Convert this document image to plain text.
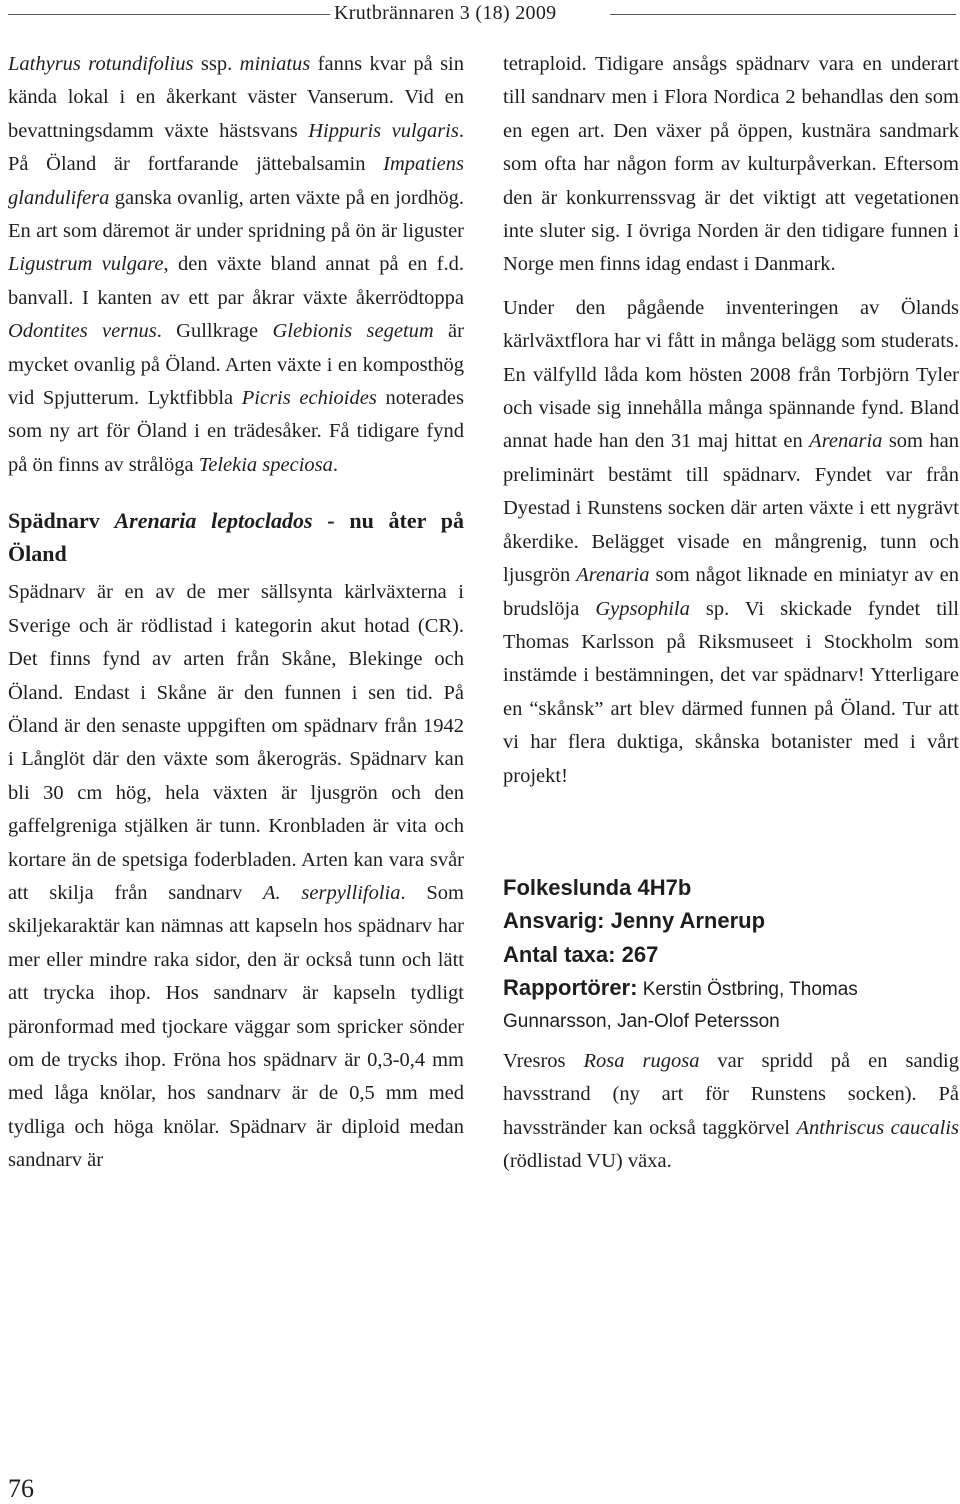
Krutbrännaren 3 (18) 2009

Lathyrus rotundifolius ssp. miniatus fanns kvar på sin kända lokal i en åkerkant väster Vanserum. Vid en bevattningsdamm växte hästsvans Hippuris vulgaris. På Öland är fortfarande jättebalsamin Impatiens glandulifera ganska ovanlig, arten växte på en jordhög. En art som däremot är under spridning på ön är liguster Ligustrum vulgare, den växte bland annat på en f.d. banvall. I kanten av ett par åkrar växte åkerrödtoppa Odontites vernus. Gullkrage Glebionis segetum är mycket ovanlig på Öland. Arten växte i en komposthög vid Spjutterum. Lyktfibbla Picris echioides noterades som ny art för Öland i en trädesåker. Få tidigare fynd på ön finns av strålöga Telekia speciosa.

Spädnarv Arenaria leptoclados - nu åter på Öland

Spädnarv är en av de mer sällsynta kärlväxterna i Sverige och är rödlistad i kategorin akut hotad (CR). Det finns fynd av arten från Skåne, Blekinge och Öland. Endast i Skåne är den funnen i sen tid. På Öland är den senaste uppgiften om spädnarv från 1942 i Långlöt där den växte som åkerogräs. Spädnarv kan bli 30 cm hög, hela växten är ljusgrön och den gaffelgreniga stjälken är tunn. Kronbladen är vita och kortare än de spetsiga foderbladen. Arten kan vara svår att skilja från sandnarv A. serpyllifolia. Som skiljekaraktär kan nämnas att kapseln hos spädnarv har mer eller mindre raka sidor, den är också tunn och lätt att trycka ihop. Hos sandnarv är kapseln tydligt päronformad med tjockare väggar som spricker sönder om de trycks ihop. Fröna hos spädnarv är 0,3-0,4 mm med låga knölar, hos sandnarv är de 0,5 mm med tydliga och höga knölar. Spädnarv är diploid medan sandnarv är

tetraploid. Tidigare ansågs spädnarv vara en underart till sandnarv men i Flora Nordica 2 behandlas den som en egen art. Den växer på öppen, kustnära sandmark som ofta har någon form av kulturpåverkan. Eftersom den är konkurrenssvag är det viktigt att vegetationen inte sluter sig. I övriga Norden är den tidigare funnen i Norge men finns idag endast i Danmark.

Under den pågående inventeringen av Ölands kärlväxtflora har vi fått in många belägg som studerats. En välfylld låda kom hösten 2008 från Torbjörn Tyler och visade sig innehålla många spännande fynd. Bland annat hade han den 31 maj hittat en Arenaria som han preliminärt bestämt till spädnarv. Fyndet var från Dyestad i Runstens socken där arten växte i ett nygrävt åkerdike. Belägget visade en mångrenig, tunn och ljusgrön Arenaria som något liknade en miniatyr av en brudslöja Gypsophila sp. Vi skickade fyndet till Thomas Karlsson på Riksmuseet i Stockholm som instämde i bestämningen, det var spädnarv! Ytterligare en “skånsk” art blev därmed funnen på Öland. Tur att vi har flera duktiga, skånska botanister med i vårt projekt!

Folkeslunda 4H7b

Ansvarig: Jenny Arnerup

Antal taxa: 267

Rapportörer: Kerstin Östbring, Thomas Gunnarsson, Jan-Olof Petersson

Vresros Rosa rugosa var spridd på en sandig havsstrand (ny art för Runstens socken). På havsstränder kan också taggkörvel Anthriscus caucalis (rödlistad VU) växa.

76
